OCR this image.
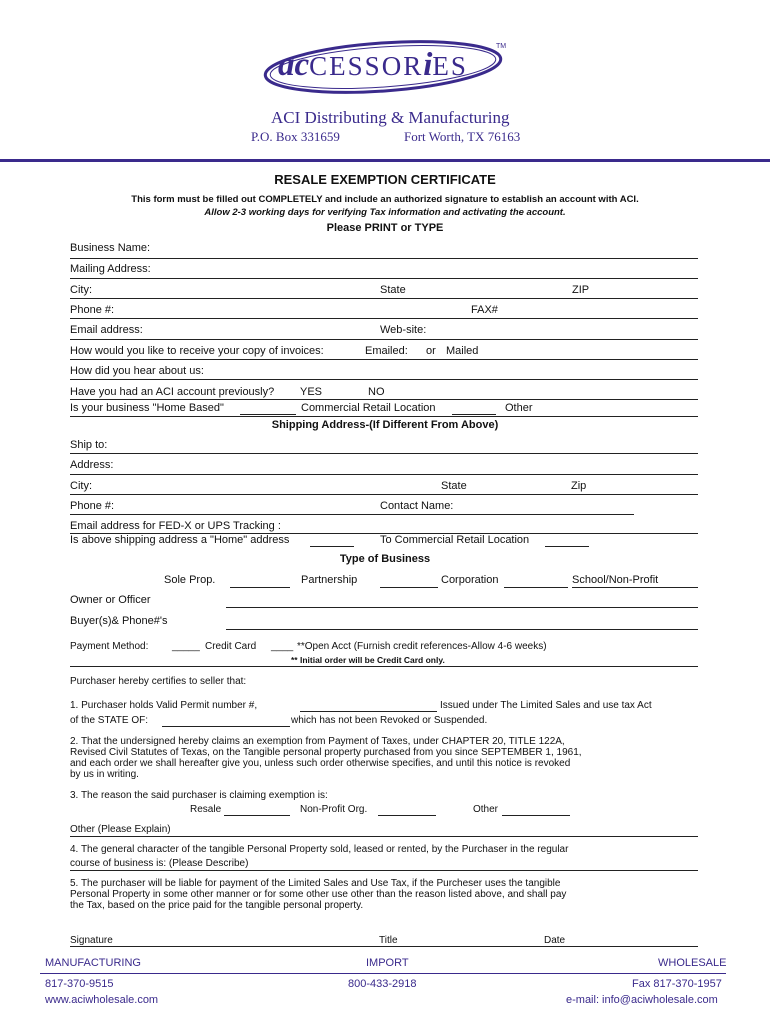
acCESSORiES
TM
ACI Distributing & Manufacturing
P.O. Box 331659	Fort Worth, TX 76163
RESALE EXEMPTION CERTIFICATE
This form must be filled out COMPLETELY and include an authorized signature to establish an account with ACI.
Allow 2-3 working days for verifying Tax information and activating the account.
Please PRINT or TYPE
Business Name:
Mailing Address:
City:	State	ZIP
Phone #:	FAX#
Email address:	Web-site:
How would you like to receive your copy of invoices:	Emailed: or Mailed
How did you hear about us:
Have you had an ACI account previously? YES	NO
Is your business "Home Based"	Commercial Retail Location	Other
Shipping Address-(If Different From Above)
Ship to:
Address:
City:	State	Zip
Phone #:	Contact Name:
Email address for FED-X or UPS Tracking :
Is above shipping address a "Home" address	To Commercial Retail Location
Type of Business
Sole Prop.	Partnership	Corporation	School/Non-Profit
Owner or Officer
Buyer(s)& Phone#'s
Payment Method: _____ Credit Card ____ **Open Acct (Furnish credit references-Allow 4-6 weeks)
** Initial order will be Credit Card only.
Purchaser hereby certifies to seller that:
1. Purchaser holds Valid Permit number #,	Issued under The Limited Sales and use tax Act
of the STATE OF:	which has not been Revoked or Suspended.
2. That the undersigned hereby claims an exemption from Payment of Taxes, under CHAPTER 20, TITLE 122A,
Revised Civil Statutes of Texas, on the Tangible personal property purchased from you since SEPTEMBER 1, 1961,
and each order we shall hereafter give you, unless such order otherwise specifies, and until this notice is revoked
by us in writing.
3. The reason the said purchaser is claiming exemption is:
Resale	Non-Profit Org.	Other
Other (Please Explain)
4. The general character of the tangible Personal Property sold, leased or rented, by the Purchaser in the regular
course of business is: (Please Describe)
5. The purchaser will be liable for payment of the Limited Sales and Use Tax, if the Purcheser uses the tangible
Personal Property in some other manner or for some other use other than the reason listed above, and shall pay
the Tax, based on the price paid for the tangible personal property.
Signature	Title	Date
MANUFACTURING	IMPORT	WHOLESALE
817-370-9515	800-433-2918	Fax 817-370-1957
www.aciwholesale.com	e-mail: info@aciwholesale.com
